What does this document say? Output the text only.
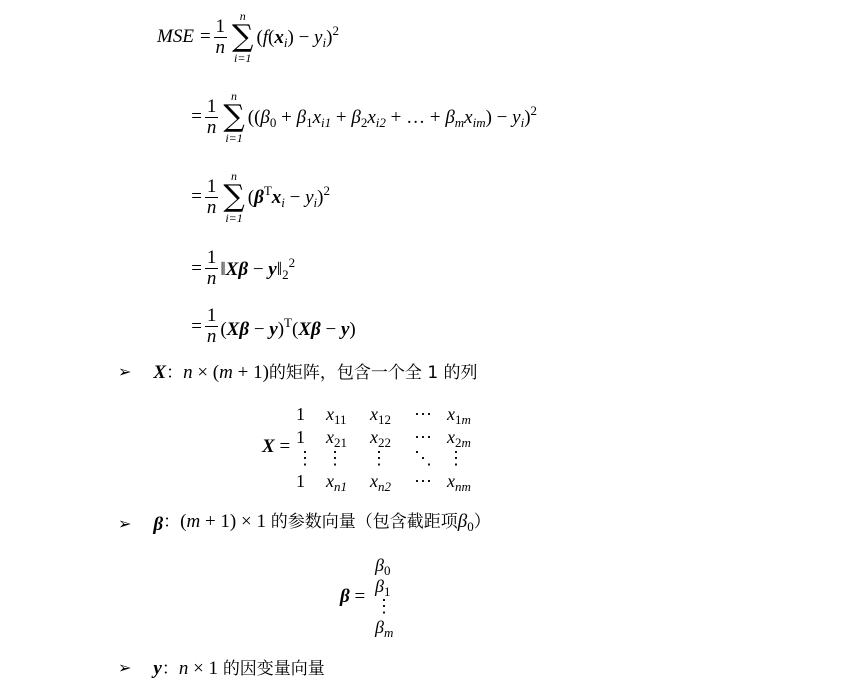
X =
1 $x_{11}$ $x_{12}$ ⋯ $x_{1m}$
1 $x_{21}$ $x_{22}$ ⋯ $x_{2m}$
⋮ ⋮ ⋮ ⋱ ⋮
1 $x_{n1}$ $x_{n2}$ ⋯ $x_{nm}$
β =
$\beta_0$
$\beta_1$
⋮
$\beta_m$
MSE = $\frac{1}{n}$
n
∑
i=1
$(f(x_i) - y_i)^2$
= $\frac{1}{n}$
n
∑
i=1
(($\beta_0 + \beta_1x_{i1} + \beta_2x_{i2}$ + … + $\beta_mx_{im}) - y_i)^2$
= $\frac{1}{n}$
n
∑
i=1
$(\beta^Tx_i - y_i)^2$
= $\frac{1}{n}$ ‖Xβ − $y‖_2^2$
= $\frac{1}{n} (X\beta - y)^T(X\beta - y)$
➢ X ：n × (m + 1)的矩阵，包含一个全 1 的列
➢ β ：(m + 1) × 1 的参数向量（包含截距项$\beta_0$）
➢ y ：n × 1 的因变量向量
